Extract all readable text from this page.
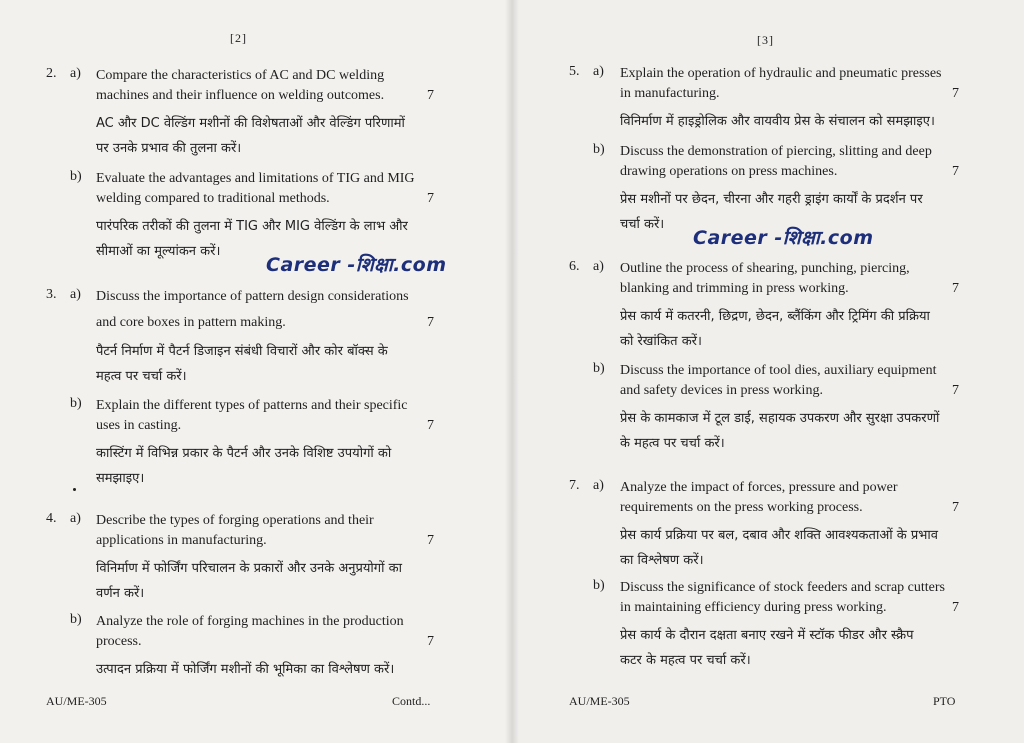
[2]
2. a) Compare the characteristics of AC and DC welding
machines and their influence on welding outcomes.	7
AC और DC वेल्डिंग मशीनों की विशेषताओं और वेल्डिंग परिणामों
पर उनके प्रभाव की तुलना करें।
b) Evaluate the advantages and limitations of TIG and MIG
welding compared to traditional methods.	7
पारंपरिक तरीकों की तुलना में TIG और MIG वेल्डिंग के लाभ और
सीमाओं का मूल्यांकन करें।
Career -शिक्षा.com
3. a) Discuss the importance of pattern design considerations
and core boxes in pattern making.	7
पैटर्न निर्माण में पैटर्न डिजाइन संबंधी विचारों और कोर बॉक्स के
महत्व पर चर्चा करें।
b) Explain the different types of patterns and their specific
uses in casting.	7
कास्टिंग में विभिन्न प्रकार के पैटर्न और उनके विशिष्ट उपयोगों को
समझाइए।
4. a) Describe the types of forging operations and their
applications in manufacturing.	7
विनिर्माण में फोर्जिंग परिचालन के प्रकारों और उनके अनुप्रयोगों का
वर्णन करें।
b) Analyze the role of forging machines in the production
process.	7
उत्पादन प्रक्रिया में फोर्जिंग मशीनों की भूमिका का विश्लेषण करें।
AU/ME-305	Contd...
[3]
5. a) Explain the operation of hydraulic and pneumatic presses
in manufacturing.	7
विनिर्माण में हाइड्रोलिक और वायवीय प्रेस के संचालन को समझाइए।
b) Discuss the demonstration of piercing, slitting and deep
drawing operations on press machines.	7
प्रेस मशीनों पर छेदन, चीरना और गहरी ड्राइंग कार्यों के प्रदर्शन पर
चर्चा करें।
Career -शिक्षा.com
6. a) Outline the process of shearing, punching, piercing,
blanking and trimming in press working.	7
प्रेस कार्य में कतरनी, छिद्रण, छेदन, ब्लैंकिंग और ट्रिमिंग की प्रक्रिया
को रेखांकित करें।
b) Discuss the importance of tool dies, auxiliary equipment
and safety devices in press working.	7
प्रेस के कामकाज में टूल डाई, सहायक उपकरण और सुरक्षा उपकरणों
के महत्व पर चर्चा करें।
7. a) Analyze the impact of forces, pressure and power
requirements on the press working process.	7
प्रेस कार्य प्रक्रिया पर बल, दबाव और शक्ति आवश्यकताओं के प्रभाव
का विश्लेषण करें।
b) Discuss the significance of stock feeders and scrap cutters
in maintaining efficiency during press working.	7
प्रेस कार्य के दौरान दक्षता बनाए रखने में स्टॉक फीडर और स्क्रैप
कटर के महत्व पर चर्चा करें।
AU/ME-305	PTO
